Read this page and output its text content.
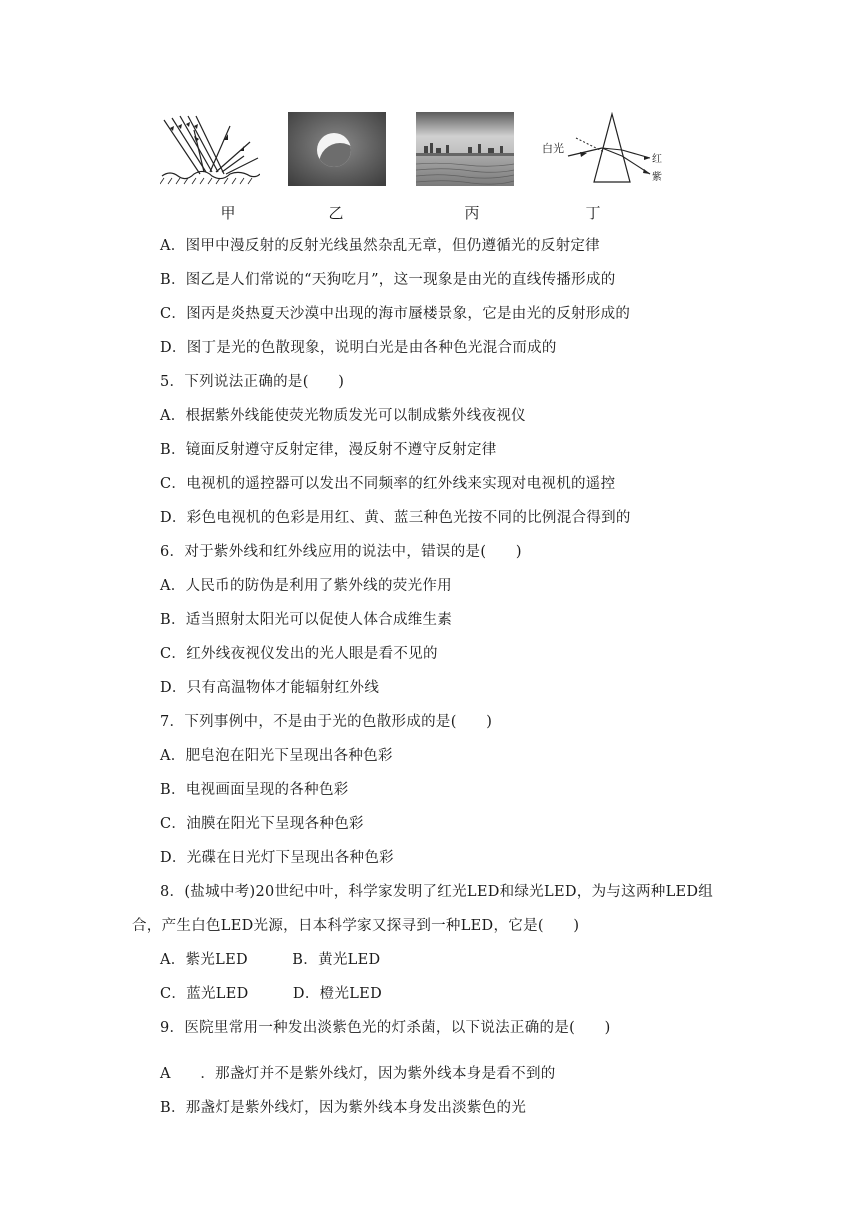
白光
红
紫
甲	乙	丙	丁
A．图甲中漫反射的反射光线虽然杂乱无章，但仍遵循光的反射定律
B．图乙是人们常说的“天狗吃月”，这一现象是由光的直线传播形成的
C．图丙是炎热夏天沙漠中出现的海市蜃楼景象，它是由光的反射形成的
D．图丁是光的色散现象，说明白光是由各种色光混合而成的
5．下列说法正确的是(　　)
A．根据紫外线能使荧光物质发光可以制成紫外线夜视仪
B．镜面反射遵守反射定律，漫反射不遵守反射定律
C．电视机的遥控器可以发出不同频率的红外线来实现对电视机的遥控
D．彩色电视机的色彩是用红、黄、蓝三种色光按不同的比例混合得到的
6．对于紫外线和红外线应用的说法中，错误的是(　　)
A．人民币的防伪是利用了紫外线的荧光作用
B．适当照射太阳光可以促使人体合成维生素
C．红外线夜视仪发出的光人眼是看不见的
D．只有高温物体才能辐射红外线
7．下列事例中，不是由于光的色散形成的是(　　)
A．肥皂泡在阳光下呈现出各种色彩
B．电视画面呈现的各种色彩
C．油膜在阳光下呈现各种色彩
D．光碟在日光灯下呈现出各种色彩
8．(盐城中考)20世纪中叶，科学家发明了红光LED和绿光LED，为与这两种LED组
合，产生白色LED光源，日本科学家又探寻到一种LED，它是(　　)
A．紫光LED　　　B．黄光LED
C．蓝光LED　　　D．橙光LED
9．医院里常用一种发出淡紫色光的灯杀菌，以下说法正确的是(　　)
A　　．那盏灯并不是紫外线灯，因为紫外线本身是看不到的
B．那盏灯是紫外线灯，因为紫外线本身发出淡紫色的光
